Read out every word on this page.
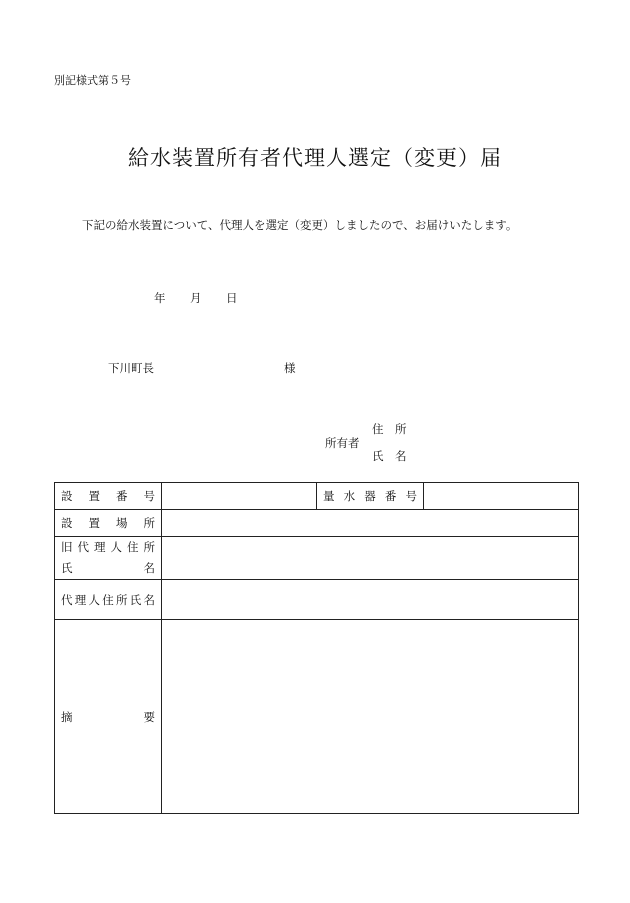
別記様式第５号
給水装置所有者代理人選定（変更）届
下記の給水装置について、代理人を選定（変更）しましたので、お届けいたします。
年 月 日
下川町長	様
所有者
住　所
氏　名
設置番号		量水器番号	
設置場所			

旧代理人住所
氏名			

代理人住所氏名			
摘要			
